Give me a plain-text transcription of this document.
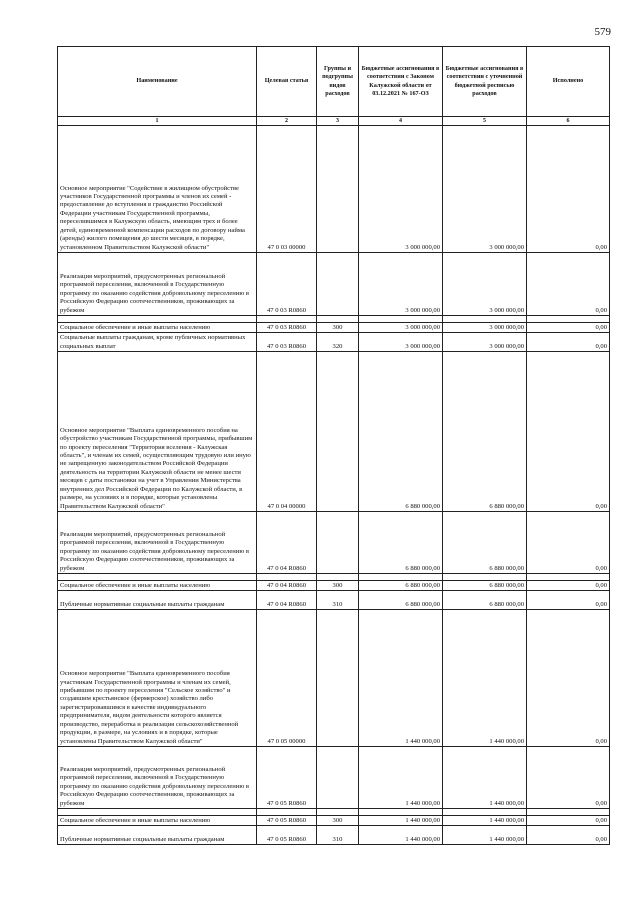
579
Наименование	Целевая статья	Группы и подгруппы видов расходов	Бюджетные ассигнования в соответствии с Законом Калужской области от 03.12.2021 № 167-ОЗ	Бюджетные ассигнования в соответствии с уточненной бюджетной росписью расходов	Исполнено
1	2	3	4	5	6
Основное мероприятие "Содействие в жилищном обустройстве участников Государственной программы и членов их семей - предоставление до вступления в гражданство Российской Федерации участникам Государственной программы, переселившимся в Калужскую область, имеющим трех и более детей, единовременной компенсации расходов по договору найма (аренды) жилого помещения до шести месяцев, в порядке, установленном Правительством Калужской области"	47 0 03 00000		3 000 000,00	3 000 000,00	0,00
Реализация мероприятий, предусмотренных региональной программой переселения, включенной в Государственную программу по оказанию содействия добровольному переселению в Российскую Федерацию соотечественников, проживающих за рубежом	47 0 03 R0860		3 000 000,00	3 000 000,00	0,00

Социальное обеспечение и иные выплаты населению	47 0 03 R0860	300	3 000 000,00	3 000 000,00	0,00
Социальные выплаты гражданам, кроме публичных нормативных социальных выплат	47 0 03 R0860	320	3 000 000,00	3 000 000,00	0,00
Основное мероприятие "Выплата единовременного пособия на обустройство участникам Государственной программы, прибывшим по проекту переселения "Территория вселения - Калужская область", и членам их семей, осуществляющим трудовую или иную не запрещенную законодательством Российской Федерации деятельность на территории Калужской области не менее шести месяцев с даты постановки на учет в Управлении Министерства внутренних дел Российской Федерации по Калужской области, в размере, на условиях и в порядке, которые установлены Правительством Калужской области"	47 0 04 00000		6 880 000,00	6 880 000,00	0,00
Реализация мероприятий, предусмотренных региональной программой переселения, включенной в Государственную программу по оказанию содействия добровольному переселению в Российскую Федерацию соотечественников, проживающих за рубежом	47 0 04 R0860		6 880 000,00	6 880 000,00	0,00

Социальное обеспечение и иные выплаты населению	47 0 04 R0860	300	6 880 000,00	6 880 000,00	0,00
Публичные нормативные социальные выплаты гражданам	47 0 04 R0860	310	6 880 000,00	6 880 000,00	0,00
Основное мероприятие "Выплата единовременного пособия участникам Государственной программы и членам их семей, прибывшим по проекту переселения "Сельское хозяйство" и создавшим крестьянское (фермерское) хозяйство либо зарегистрировавшимся в качестве индивидуального предпринимателя, видом деятельности которого является производство, переработка и реализация сельскохозяйственной продукции, в размере, на условиях и в порядке, которые установлены Правительством Калужской области"	47 0 05 00000		1 440 000,00	1 440 000,00	0,00
Реализация мероприятий, предусмотренных региональной программой переселения, включенной в Государственную программу по оказанию содействия добровольному переселению в Российскую Федерацию соотечественников, проживающих за рубежом	47 0 05 R0860		1 440 000,00	1 440 000,00	0,00

Социальное обеспечение и иные выплаты населению	47 0 05 R0860	300	1 440 000,00	1 440 000,00	0,00
Публичные нормативные социальные выплаты гражданам	47 0 05 R0860	310	1 440 000,00	1 440 000,00	0,00
